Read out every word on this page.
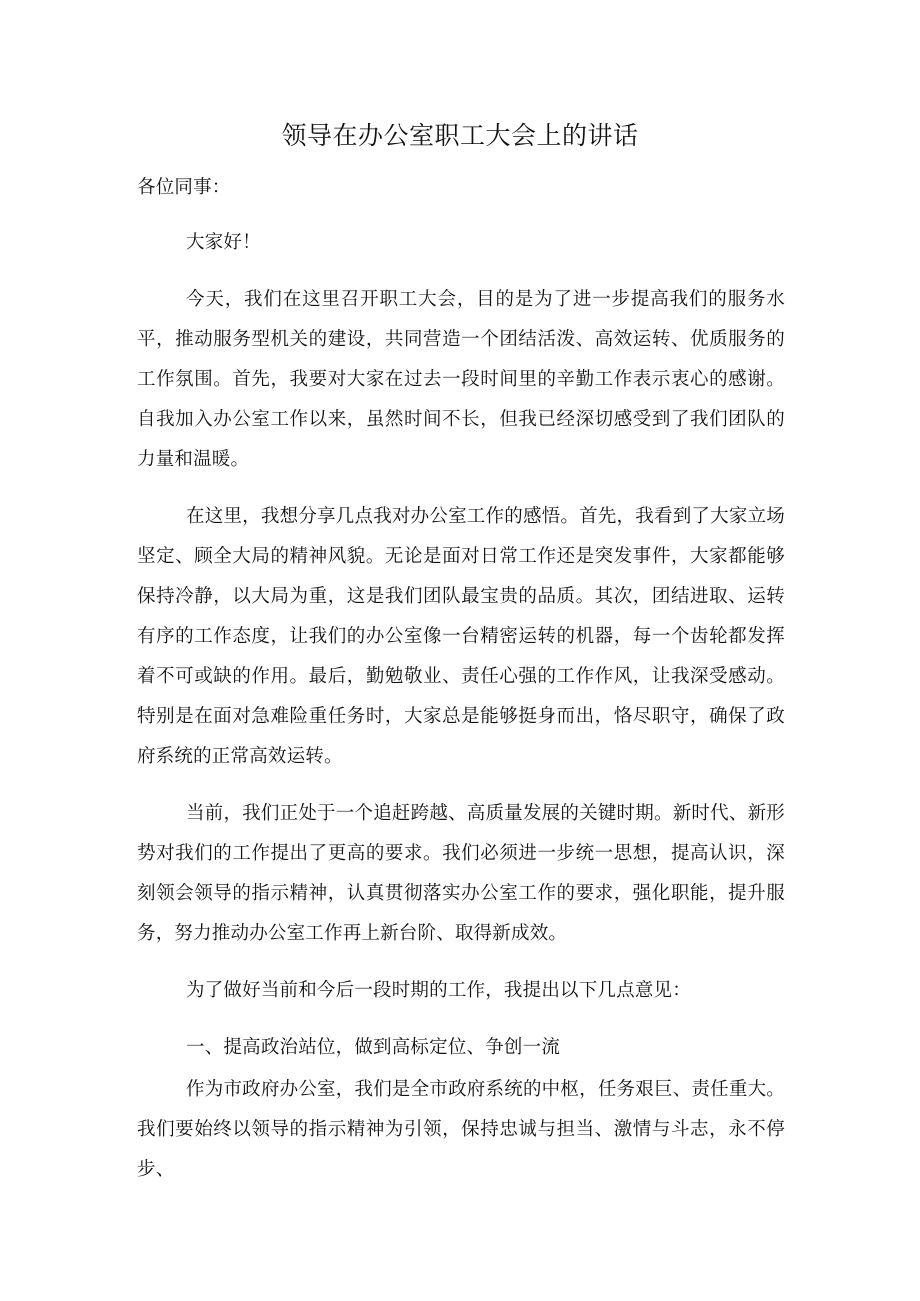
领导在办公室职工大会上的讲话

各位同事：

大家好！

今天，我们在这里召开职工大会，目的是为了进一步提高我们的服务水平，推动服务型机关的建设，共同营造一个团结活泼、高效运转、优质服务的工作氛围。首先，我要对大家在过去一段时间里的辛勤工作表示衷心的感谢。自我加入办公室工作以来，虽然时间不长，但我已经深切感受到了我们团队的力量和温暖。

在这里，我想分享几点我对办公室工作的感悟。首先，我看到了大家立场坚定、顾全大局的精神风貌。无论是面对日常工作还是突发事件，大家都能够保持冷静，以大局为重，这是我们团队最宝贵的品质。其次，团结进取、运转有序的工作态度，让我们的办公室像一台精密运转的机器，每一个齿轮都发挥着不可或缺的作用。最后，勤勉敬业、责任心强的工作作风，让我深受感动。特别是在面对急难险重任务时，大家总是能够挺身而出，恪尽职守，确保了政府系统的正常高效运转。

当前，我们正处于一个追赶跨越、高质量发展的关键时期。新时代、新形势对我们的工作提出了更高的要求。我们必须进一步统一思想，提高认识，深刻领会领导的指示精神，认真贯彻落实办公室工作的要求，强化职能，提升服务，努力推动办公室工作再上新台阶、取得新成效。

为了做好当前和今后一段时期的工作，我提出以下几点意见：

一、提高政治站位，做到高标定位、争创一流

作为市政府办公室，我们是全市政府系统的中枢，任务艰巨、责任重大。我们要始终以领导的指示精神为引领，保持忠诚与担当、激情与斗志，永不停步、
